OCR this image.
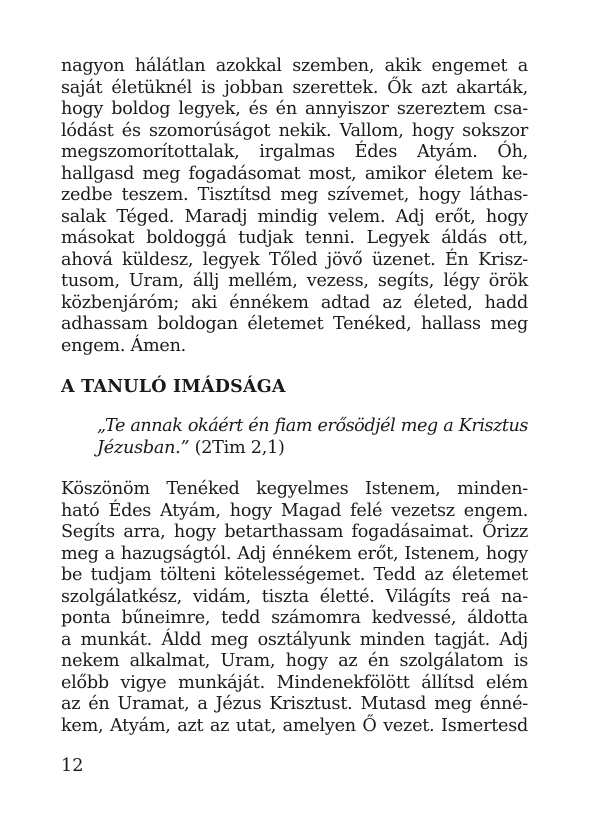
nagyon hálátlan azokkal szemben, akik engemet a
saját életüknél is jobban szerettek. Ők azt akarták,
hogy boldog legyek, és én annyiszor szereztem csa-
lódást és szomorúságot nekik. Vallom, hogy sokszor
megszomorítottalak, irgalmas Édes Atyám. Óh,
hallgasd meg fogadásomat most, amikor életem ke-
zedbe teszem. Tisztítsd meg szívemet, hogy láthas-
salak Téged. Maradj mindig velem. Adj erőt, hogy
másokat boldoggá tudjak tenni. Legyek áldás ott,
ahová küldesz, legyek Tőled jövő üzenet. Én Krisz-
tusom, Uram, állj mellém, vezess, segíts, légy örök
közbenjáróm; aki énnékem adtad az életed, hadd
adhassam boldogan életemet Tenéked, hallass meg
engem. Ámen.
A TANULÓ IMÁDSÁGA
„Te annak okáért én fiam erősödjél meg a Krisztus
Jézusban.” (2Tim 2,1)
Köszönöm Tenéked kegyelmes Istenem, minden-
ható Édes Atyám, hogy Magad felé vezetsz engem.
Segíts arra, hogy betarthassam fogadásaimat. Őrizz
meg a hazugságtól. Adj énnékem erőt, Istenem, hogy
be tudjam tölteni kötelességemet. Tedd az életemet
szolgálatkész, vidám, tiszta életté. Világíts reá na-
ponta bűneimre, tedd számomra kedvessé, áldotta
a munkát. Áldd meg osztályunk minden tagját. Adj
nekem alkalmat, Uram, hogy az én szolgálatom is
előbb vigye munkáját. Mindenekfölött állítsd elém
az én Uramat, a Jézus Krisztust. Mutasd meg énné-
kem, Atyám, azt az utat, amelyen Ő vezet. Ismertesd
12
